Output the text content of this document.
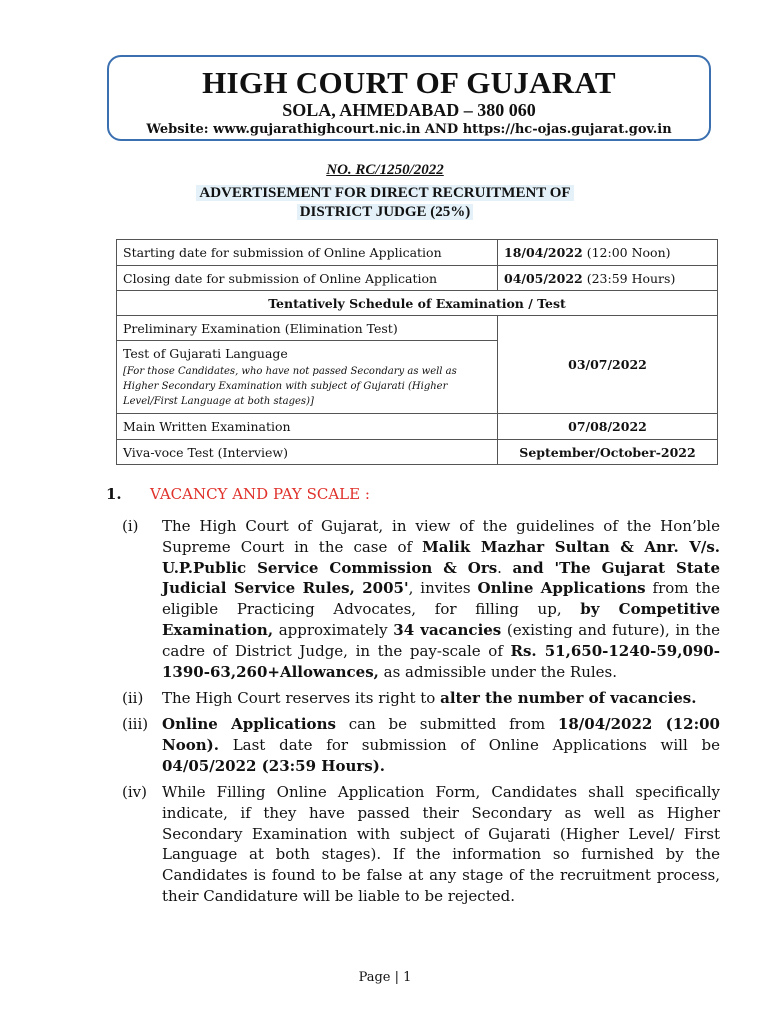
HIGH COURT OF GUJARAT
SOLA, AHMEDABAD – 380 060
Website: www.gujarathighcourt.nic.in AND https://hc-ojas.gujarat.gov.in
NO. RC/1250/2022
ADVERTISEMENT FOR DIRECT RECRUITMENT OF
DISTRICT JUDGE (25%)
Starting date for submission of Online Application	18/04/2022 (12:00 Noon)
Closing date for submission of Online Application	04/05/2022 (23:59 Hours)
Tentatively Schedule of Examination / Test	
Preliminary Examination (Elimination Test)	03/07/2022
Test of Gujarati Language
[For those Candidates, who have not passed Secondary as well as Higher Secondary Examination with subject of Gujarati (Higher Level/First Language at both stages)]	

Main Written Examination	07/08/2022
Viva-voce Test (Interview)	September/October-2022
1. VACANCY AND PAY SCALE :
(i) The High Court of Gujarat, in view of the guidelines of the Hon’ble Supreme Court in the case of Malik Mazhar Sultan & Anr. V/s. U.P.Public Service Commission & Ors. and 'The Gujarat State Judicial Service Rules, 2005', invites Online Applications from the eligible Practicing Advocates, for filling up, by Competitive Examination, approximately 34 vacancies (existing and future), in the cadre of District Judge, in the pay-scale of Rs. 51,650-1240-59,090-1390-63,260+Allowances, as admissible under the Rules.
(ii) The High Court reserves its right to alter the number of vacancies.
(iii) Online Applications can be submitted from 18/04/2022 (12:00 Noon). Last date for submission of Online Applications will be 04/05/2022 (23:59 Hours).
(iv) While Filling Online Application Form, Candidates shall specifically indicate, if they have passed their Secondary as well as Higher Secondary Examination with subject of Gujarati (Higher Level/ First Language at both stages). If the information so furnished by the Candidates is found to be false at any stage of the recruitment process, their Candidature will be liable to be rejected.
Page | 1
